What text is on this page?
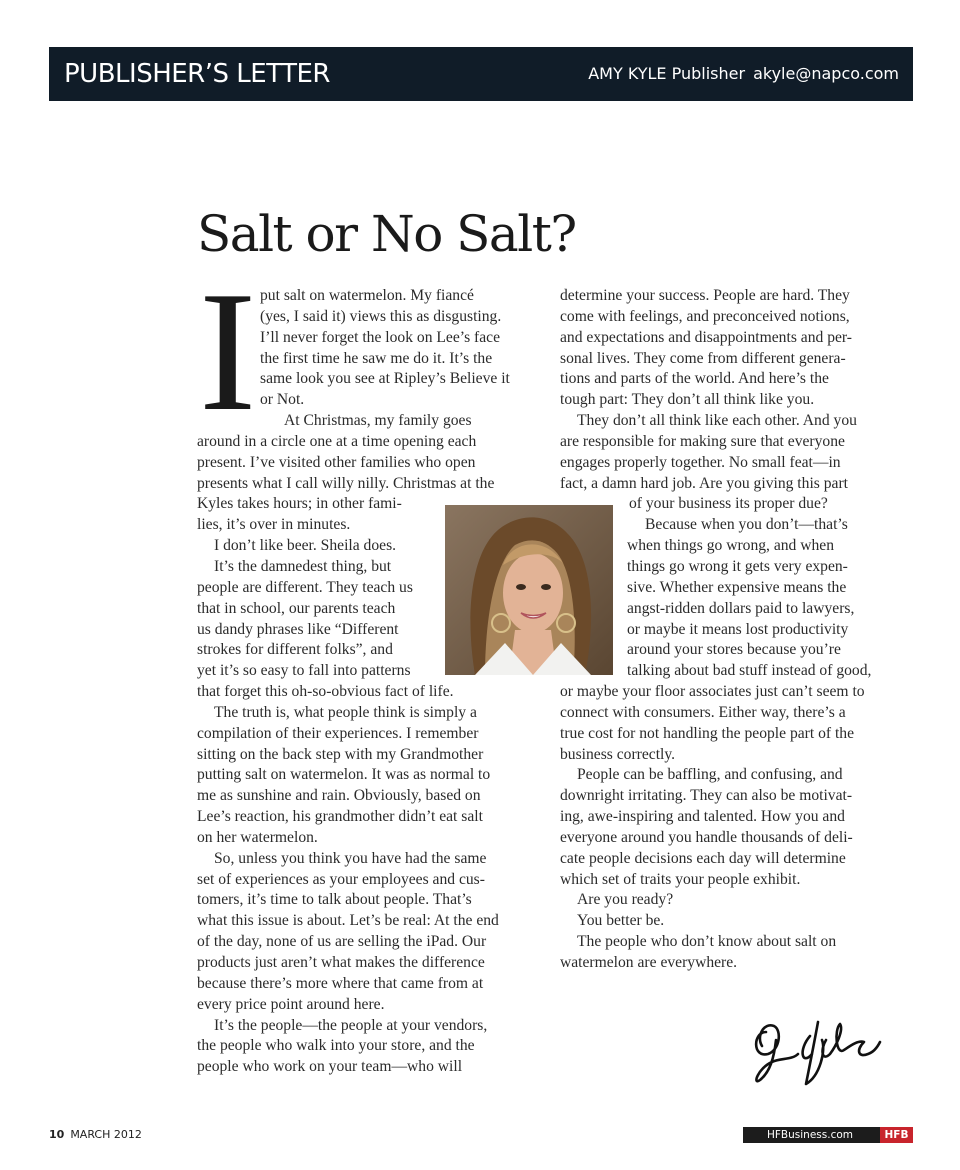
PUBLISHER’S LETTER	AMY KYLE Publisher akyle@napco.com
Salt or No Salt?
I put salt on watermelon. My fiancé

(yes, I said it) views this as disgusting.

I’ll never forget the look on Lee’s face

the first time he saw me do it. It’s the

same look you see at Ripley’s Believe it

or Not.

At Christmas, my family goes

around in a circle one at a time opening each

present. I’ve visited other families who open

presents what I call willy nilly. Christmas at the

Kyles takes hours; in other fami-

lies, it’s over in minutes.

I don’t like beer. Sheila does.

It’s the damnedest thing, but

people are different. They teach us

that in school, our parents teach

us dandy phrases like “Different

strokes for different folks”, and

yet it’s so easy to fall into patterns

that forget this oh-so-obvious fact of life.

The truth is, what people think is simply a

compilation of their experiences. I remember

sitting on the back step with my Grandmother

putting salt on watermelon. It was as normal to

me as sunshine and rain. Obviously, based on

Lee’s reaction, his grandmother didn’t eat salt

on her watermelon.

So, unless you think you have had the same

set of experiences as your employees and cus-

tomers, it’s time to talk about people. That’s

what this issue is about. Let’s be real: At the end

of the day, none of us are selling the iPad. Our

products just aren’t what makes the difference

because there’s more where that came from at

every price point around here.

It’s the people—the people at your vendors,

the people who walk into your store, and the

people who work on your team—who will

determine your success. People are hard. They

come with feelings, and preconceived notions,

and expectations and disappointments and per-

sonal lives. They come from different genera-

tions and parts of the world. And here’s the

tough part: They don’t all think like you.

They don’t all think like each other. And you

are responsible for making sure that everyone

engages properly together. No small feat—in

fact, a damn hard job. Are you giving this part

of your business its proper due?

Because when you don’t—that’s

when things go wrong, and when

things go wrong it gets very expen-

sive. Whether expensive means the

angst-ridden dollars paid to lawyers,

or maybe it means lost productivity

around your stores because you’re

talking about bad stuff instead of good,

or maybe your floor associates just can’t seem to

connect with consumers. Either way, there’s a

true cost for not handling the people part of the

business correctly.

People can be baffling, and confusing, and

downright irritating. They can also be motivat-

ing, awe-inspiring and talented. How you and

everyone around you handle thousands of deli-

cate people decisions each day will determine

which set of traits your people exhibit.

Are you ready?

You better be.

The people who don’t know about salt on

watermelon are everywhere.

10 MARCH 2012	HFBusiness.com	HFB
